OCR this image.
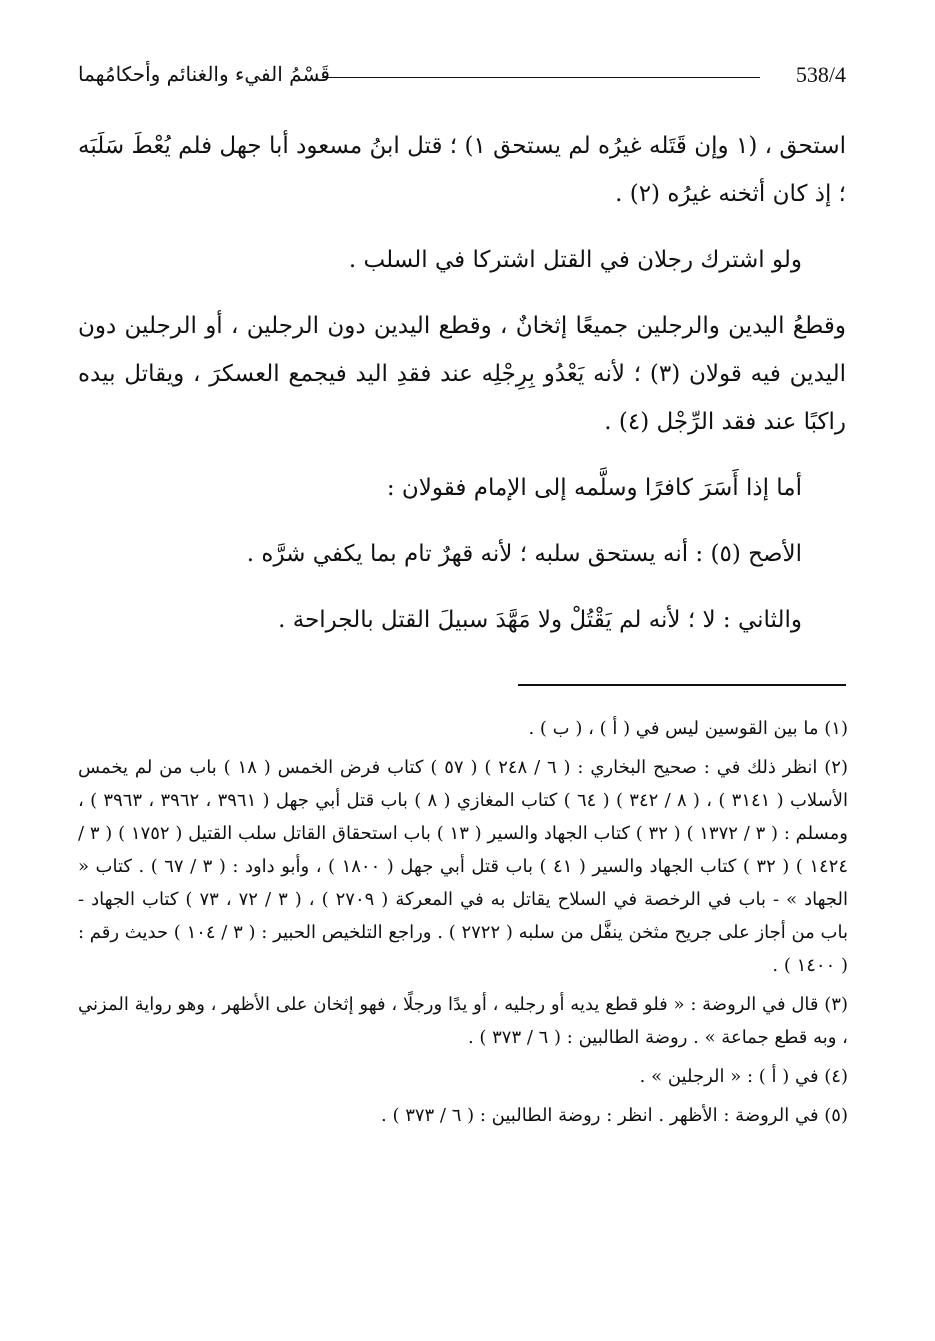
538/4
قَسْمُ الفيء والغنائم وأحكامُهما

استحق ، (١ وإن قَتَله غيرُه لم يستحق ١) ؛ قتل ابنُ مسعود أبا جهل فلم يُعْطَ سَلَبَه ؛ إذ كان أثخنه غيرُه (٢) .

ولو اشترك رجلان في القتل اشتركا في السلب .

وقطعُ اليدين والرجلين جميعًا إثخانٌ ، وقطع اليدين دون الرجلين ، أو الرجلين دون اليدين فيه قولان (٣) ؛ لأنه يَعْدُو بِرِجْلِه عند فقدِ اليد فيجمع العسكرَ ، ويقاتل بيده راكبًا عند فقد الرِّجْل (٤) .

أما إذا أَسَرَ كافرًا وسلَّمه إلى الإمام فقولان :

الأصح (٥) : أنه يستحق سلبه ؛ لأنه قهرٌ تام بما يكفي شرَّه .

والثاني : لا ؛ لأنه لم يَقْتُلْ ولا مَهَّدَ سبيلَ القتل بالجراحة .

(١) ما بين القوسين ليس في ( أ ) ، ( ب ) .

(٢) انظر ذلك في : صحيح البخاري : ( ٦ / ٢٤٨ ) ( ٥٧ ) كتاب فرض الخمس ( ١٨ ) باب من لم يخمس الأسلاب ( ٣١٤١ ) ، ( ٨ / ٣٤٢ ) ( ٦٤ ) كتاب المغازي ( ٨ ) باب قتل أبي جهل ( ٣٩٦١ ، ٣٩٦٢ ، ٣٩٦٣ ) ، ومسلم : ( ٣ / ١٣٧٢ ) ( ٣٢ ) كتاب الجهاد والسير ( ١٣ ) باب استحقاق القاتل سلب القتيل ( ١٧٥٢ ) ( ٣ / ١٤٢٤ ) ( ٣٢ ) كتاب الجهاد والسير ( ٤١ ) باب قتل أبي جهل ( ١٨٠٠ ) ، وأبو داود : ( ٣ / ٦٧ ) . كتاب « الجهاد » - باب في الرخصة في السلاح يقاتل به في المعركة ( ٢٧٠٩ ) ، ( ٣ / ٧٢ ، ٧٣ ) كتاب الجهاد - باب من أجاز على جريح مثخن ينفَّل من سلبه ( ٢٧٢٢ ) . وراجع التلخيص الحبير : ( ٣ / ١٠٤ ) حديث رقم : ( ١٤٠٠ ) .

(٣) قال في الروضة : « فلو قطع يديه أو رجليه ، أو يدًا ورجلًا ، فهو إثخان على الأظهر ، وهو رواية المزني ، وبه قطع جماعة » . روضة الطالبين : ( ٦ / ٣٧٣ ) .

(٤) في ( أ ) : « الرجلين » .

(٥) في الروضة : الأظهر . انظر : روضة الطالبين : ( ٦ / ٣٧٣ ) .
